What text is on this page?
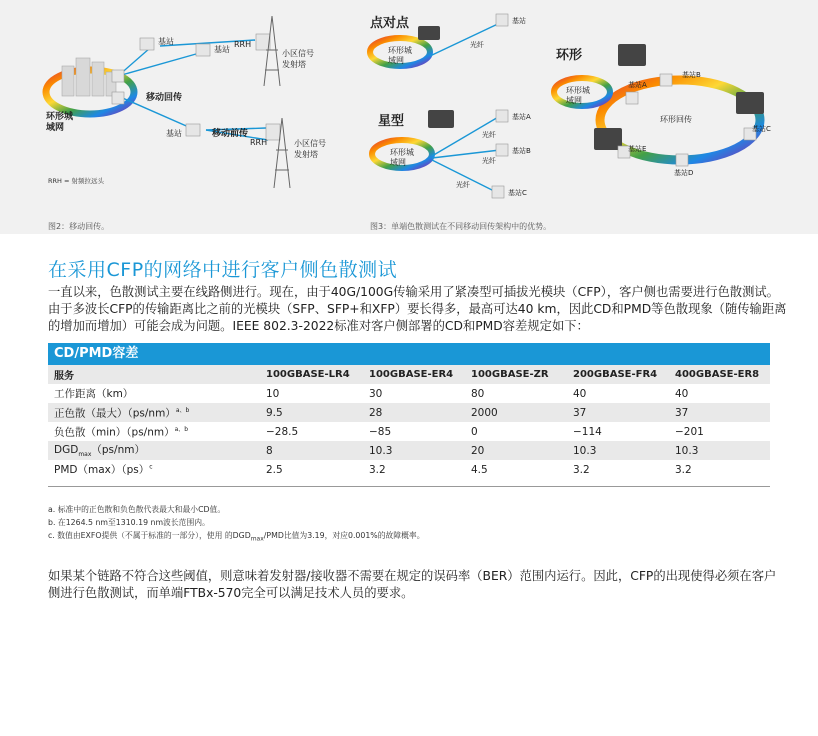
环形城
域网
基站
基站
基站
RRH
RRH
小区信号
发射塔
小区信号
发射塔
移动回传
移动前传
RRH = 射频拉远头
图2：移动回传。
点对点
星型
环形
环形城
域网
环形城
域网
环形城
域网
光纤
光纤
光纤
光纤
基站
基站A
基站B
基站C
基站B
基站A
基站C
基站D
基站E
环形回传
图3：单端色散测试在不同移动回传架构中的优势。
在采用CFP的网络中进行客户侧色散测试
一直以来，色散测试主要在线路侧进行。现在，由于40G/100G传输采用了紧凑型可插拔光模块（CFP），客户侧也需要进行色散测试。由于多波长CFP的传输距离比之前的光模块（SFP、SFP+和XFP）要长得多，最高可达40 km，因此CD和PMD等色散现象（随传输距离的增加而增加）可能会成为问题。IEEE 802.3-2022标准对客户侧部署的CD和PMD容差规定如下：
CD/PMD容差
服务	100GBASE-LR4	100GBASE-ER4	100GBASE-ZR	200GBASE-FR4	400GBASE-ER8
工作距离（km）	10	30	80	40	40
正色散（最大）$(ps/nm)^{a、b}$	9.5	28	2000	37	37
负色散$(\min)(ps/nm)^{a、b}$	−28.5	−85	0	−114	−201
$DGD_{max}(ps/nm)$	8	10.3	20	10.3	10.3
PMD（max）（ps）$^c$	2.5	3.2	4.5	3.2	3.2
a. 标准中的正色散和负色散代表最大和最小CD值。
b. 在1264.5 nm至1310.19 nm波长范围内。
c. 数值由EXFO提供（不属于标准的一部分），使用 的$DGD_{max}$/PMD比值为3.19，对应0.001%的故障概率。
如果某个链路不符合这些阈值，则意味着发射器/接收器不需要在规定的误码率（BER）范围内运行。因此，CFP的出现使得必须在客户侧进行色散测试，而单端FTBx-570完全可以满足技术人员的要求。
